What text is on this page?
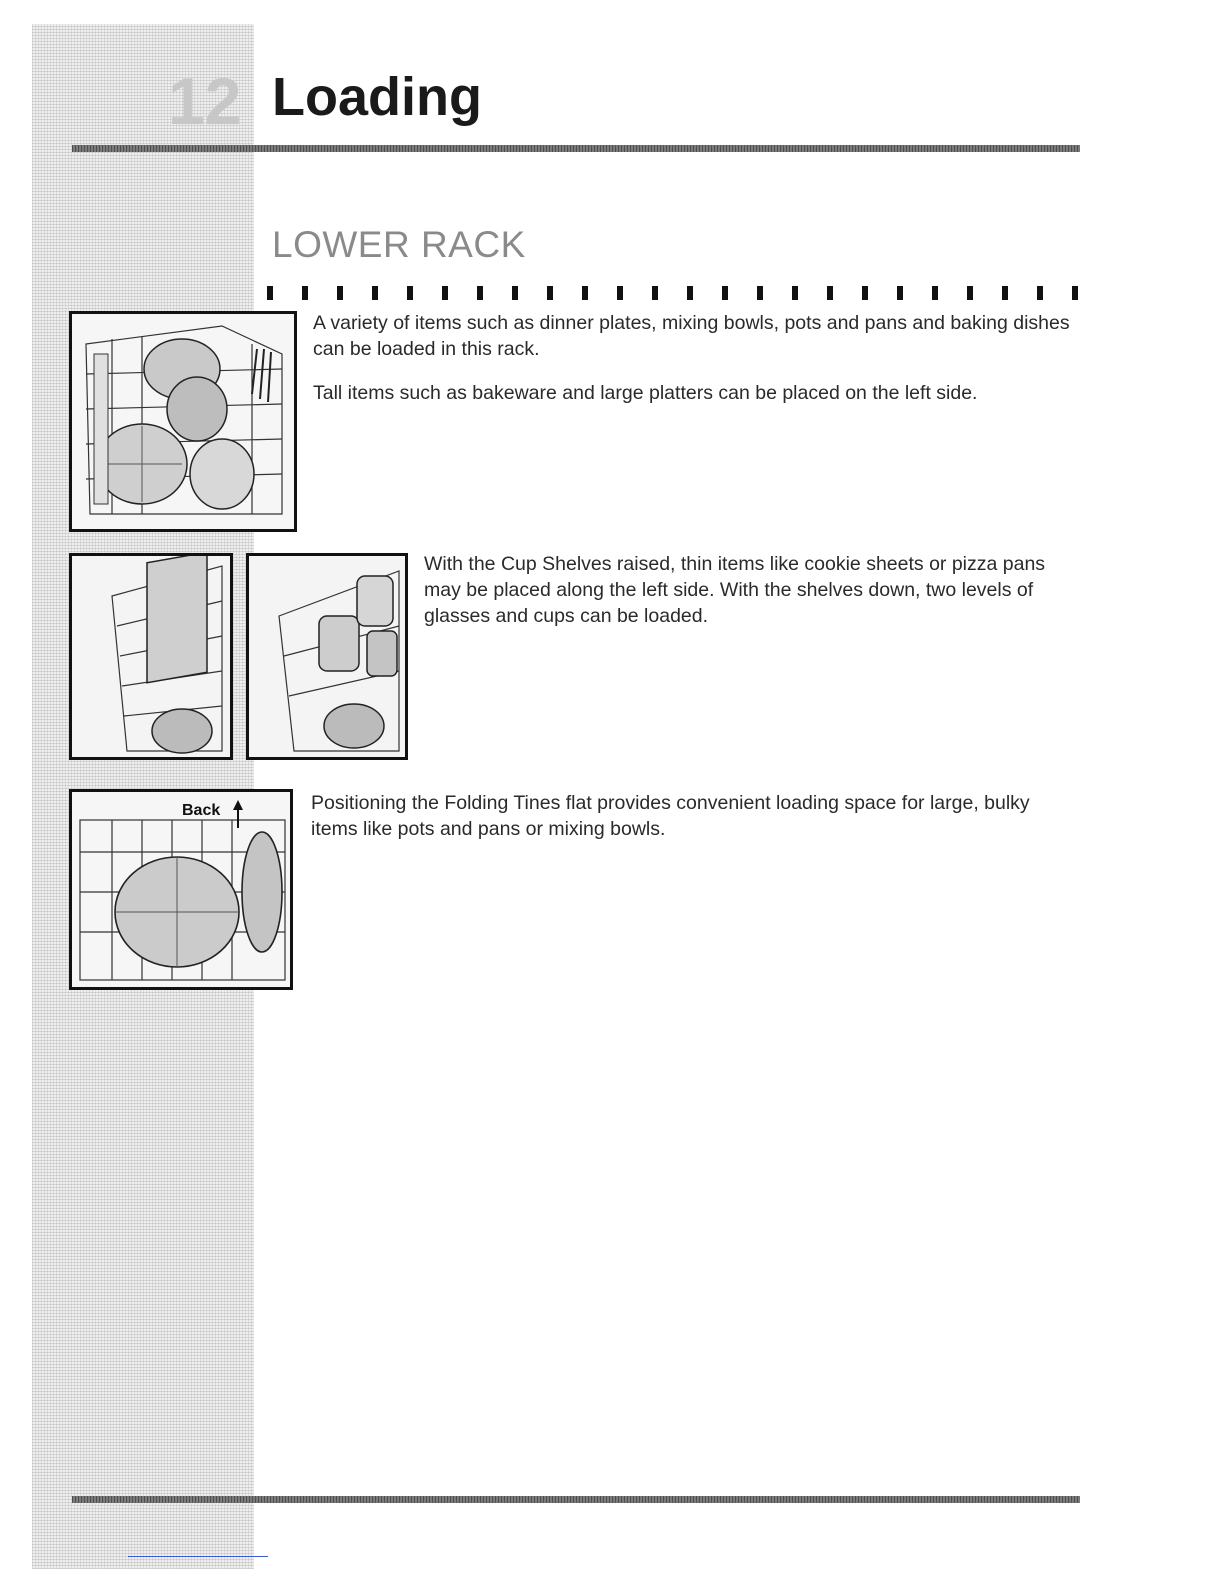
12 Loading
LOWER RACK

A variety of items such as dinner plates, mixing bowls, pots and pans and baking dishes can be loaded in this rack.

Tall items such as bakeware and large platters can be placed on the left side.

With the Cup Shelves raised, thin items like cookie sheets or pizza pans may be placed along the left side. With the shelves down, two levels of glasses and cups can be loaded.

Back	Positioning the Folding Tines flat provides convenient loading space for large, bulky items like pots and pans or mixing bowls.
